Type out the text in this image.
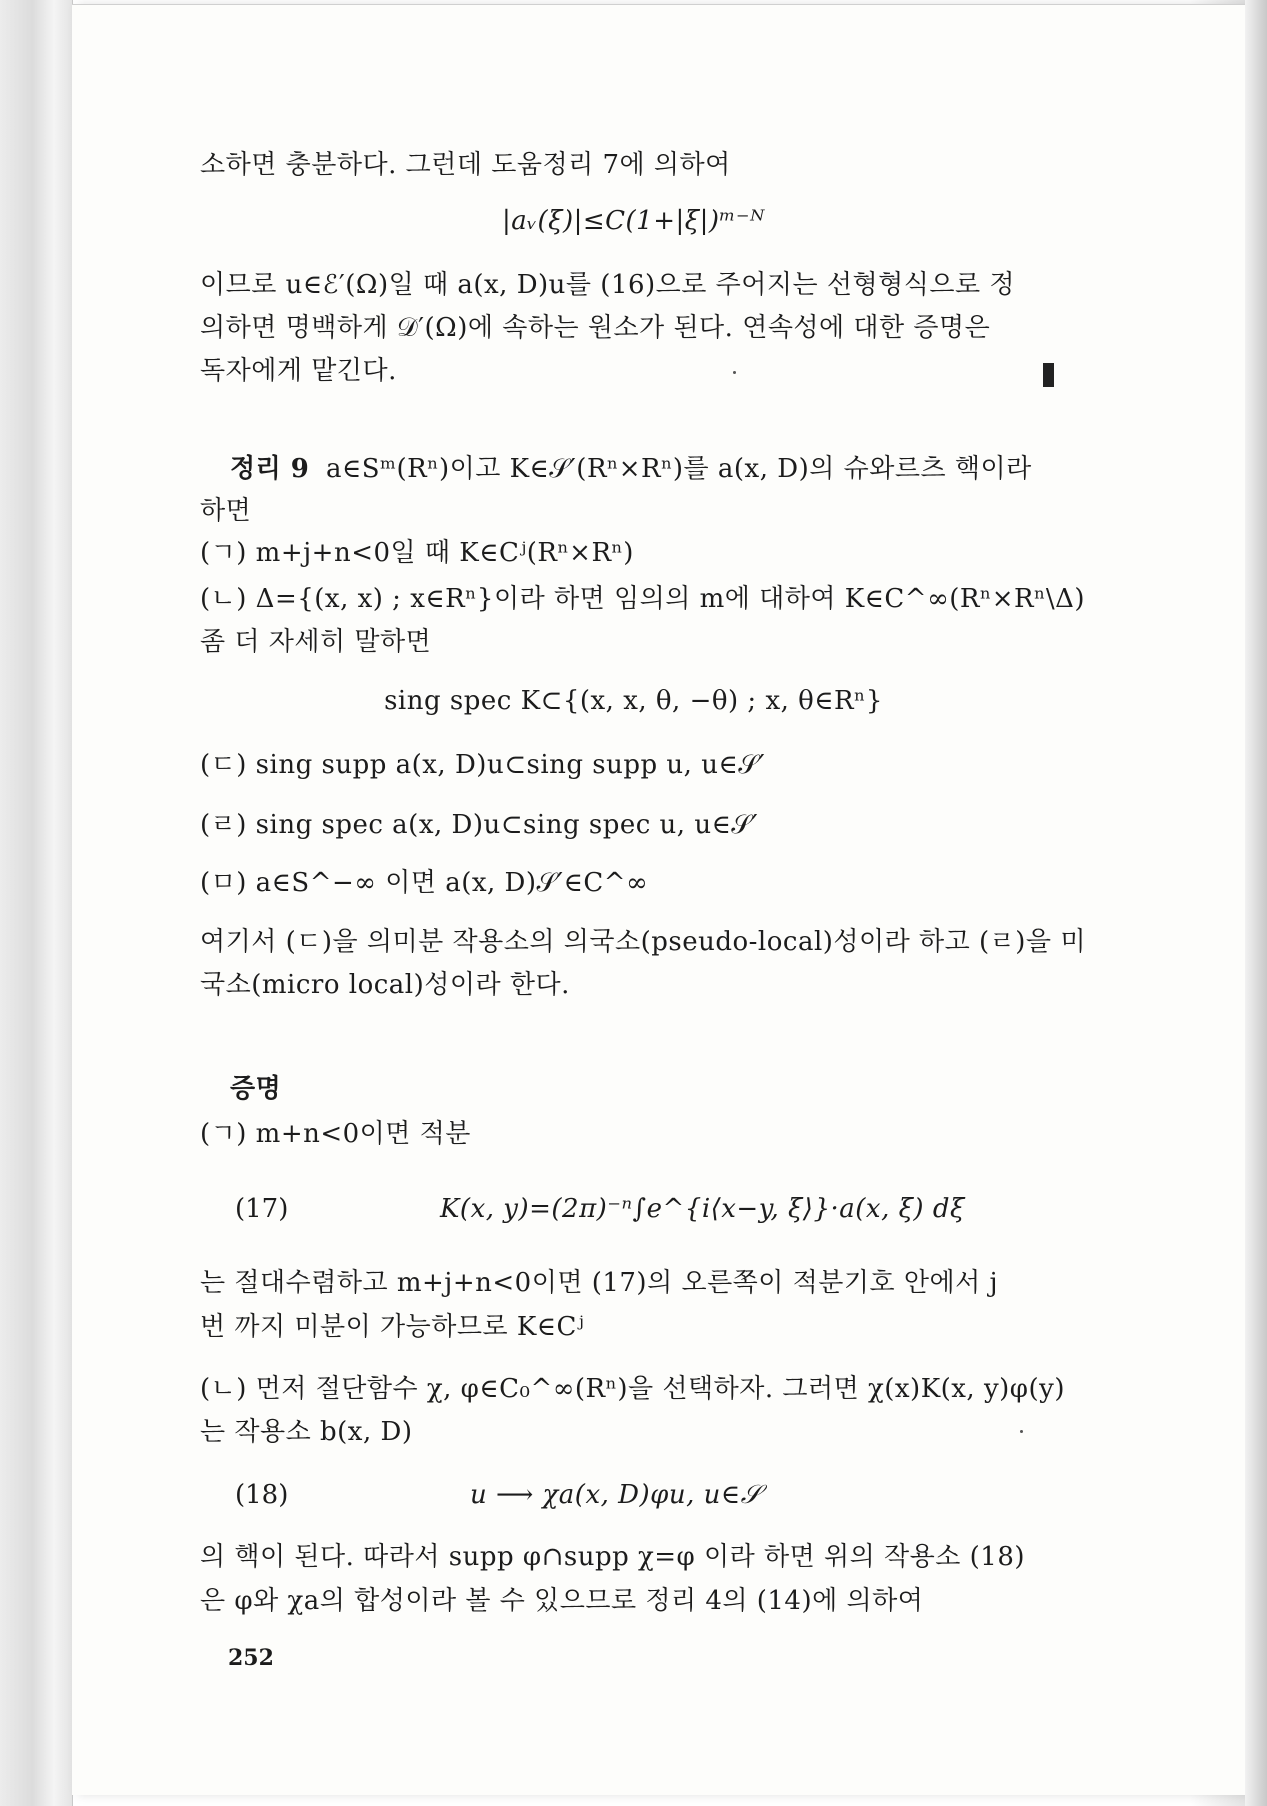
소하면 충분하다. 그런데 도움정리 7에 의하여
|aᵥ(ξ)|≤C(1+|ξ|)ᵐ⁻ᴺ
이므로 u∈ℰ′(Ω)일 때 a(x, D)u를 (16)으로 주어지는 선형형식으로 정
의하면 명백하게 𝒟′(Ω)에 속하는 원소가 된다. 연속성에 대한 증명은
독자에게 맡긴다.
정리 9 a∈Sᵐ(Rⁿ)이고 K∈𝒮′(Rⁿ×Rⁿ)를 a(x, D)의 슈와르츠 핵이라
하면
(ㄱ) m+j+n<0일 때 K∈Cʲ(Rⁿ×Rⁿ)
(ㄴ) Δ={(x, x) ; x∈Rⁿ}이라 하면 임의의 m에 대하여 K∈C^∞(Rⁿ×Rⁿ\Δ)
좀 더 자세히 말하면
sing spec K⊂{(x, x, θ, −θ) ; x, θ∈Rⁿ}
(ㄷ) sing supp a(x, D)u⊂sing supp u, u∈𝒮′
(ㄹ) sing spec a(x, D)u⊂sing spec u, u∈𝒮′
(ㅁ) a∈S^−∞ 이면 a(x, D)𝒮′∈C^∞
여기서 (ㄷ)을 의미분 작용소의 의국소(pseudo-local)성이라 하고 (ㄹ)을 미
국소(micro local)성이라 한다.
증명
(ㄱ) m+n<0이면 적분
(17)	K(x, y)=(2π)⁻ⁿ∫e^{i⟨x−y, ξ⟩}·a(x, ξ) dξ
는 절대수렴하고 m+j+n<0이면 (17)의 오른쪽이 적분기호 안에서 j
번 까지 미분이 가능하므로 K∈Cʲ
(ㄴ) 먼저 절단함수 χ, φ∈C₀^∞(Rⁿ)을 선택하자. 그러면 χ(x)K(x, y)φ(y)
는 작용소 b(x, D)
(18)	u ⟶ χa(x, D)φu, u∈𝒮
의 핵이 된다. 따라서 supp φ∩supp χ=φ 이라 하면 위의 작용소 (18)
은 φ와 χa의 합성이라 볼 수 있으므로 정리 4의 (14)에 의하여
252
